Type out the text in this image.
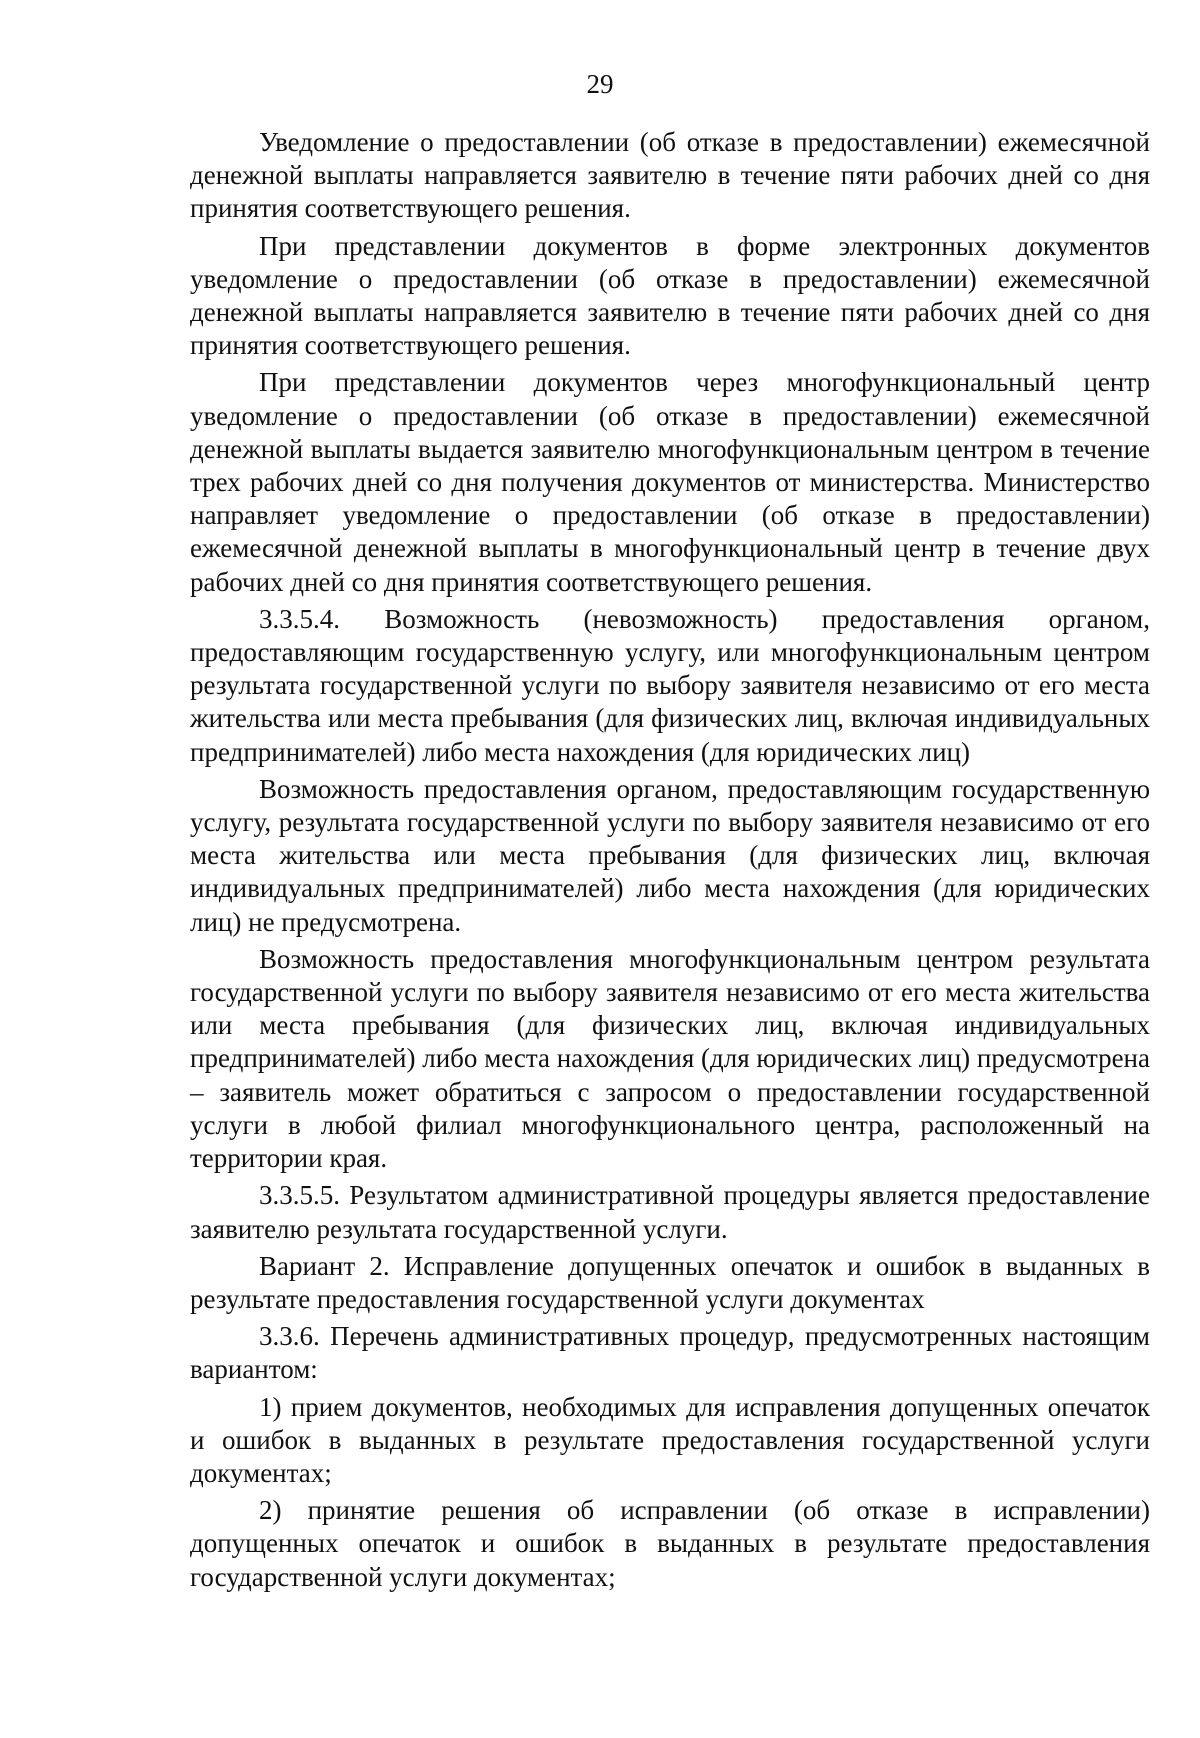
29

Уведомление о предоставлении (об отказе в предоставлении) ежемесячной денежной выплаты направляется заявителю в течение пяти рабочих дней со дня принятия соответствующего решения.

При представлении документов в форме электронных документов уведомление о предоставлении (об отказе в предоставлении) ежемесячной денежной выплаты направляется заявителю в течение пяти рабочих дней со дня принятия соответствующего решения.

При представлении документов через многофункциональный центр уведомление о предоставлении (об отказе в предоставлении) ежемесячной денежной выплаты выдается заявителю многофункциональным центром в течение трех рабочих дней со дня получения документов от министерства. Министерство направляет уведомление о предоставлении (об отказе в предоставлении) ежемесячной денежной выплаты в многофункциональный центр в течение двух рабочих дней со дня принятия соответствующего решения.

3.3.5.4. Возможность (невозможность) предоставления органом, предоставляющим государственную услугу, или многофункциональным центром результата государственной услуги по выбору заявителя независимо от его места жительства или места пребывания (для физических лиц, включая индивидуальных предпринимателей) либо места нахождения (для юридических лиц)

Возможность предоставления органом, предоставляющим государственную услугу, результата государственной услуги по выбору заявителя независимо от его места жительства или места пребывания (для физических лиц, включая индивидуальных предпринимателей) либо места нахождения (для юридических лиц) не предусмотрена.

Возможность предоставления многофункциональным центром результата государственной услуги по выбору заявителя независимо от его места жительства или места пребывания (для физических лиц, включая индивидуальных предпринимателей) либо места нахождения (для юридических лиц) предусмотрена – заявитель может обратиться с запросом о предоставлении государственной услуги в любой филиал многофункционального центра, расположенный на территории края.

3.3.5.5. Результатом административной процедуры является предоставление заявителю результата государственной услуги.

Вариант 2. Исправление допущенных опечаток и ошибок в выданных в результате предоставления государственной услуги документах

3.3.6. Перечень административных процедур, предусмотренных настоящим вариантом:

1) прием документов, необходимых для исправления допущенных опечаток и ошибок в выданных в результате предоставления государственной услуги документах;

2) принятие решения об исправлении (об отказе в исправлении) допущенных опечаток и ошибок в выданных в результате предоставления государственной услуги документах;
